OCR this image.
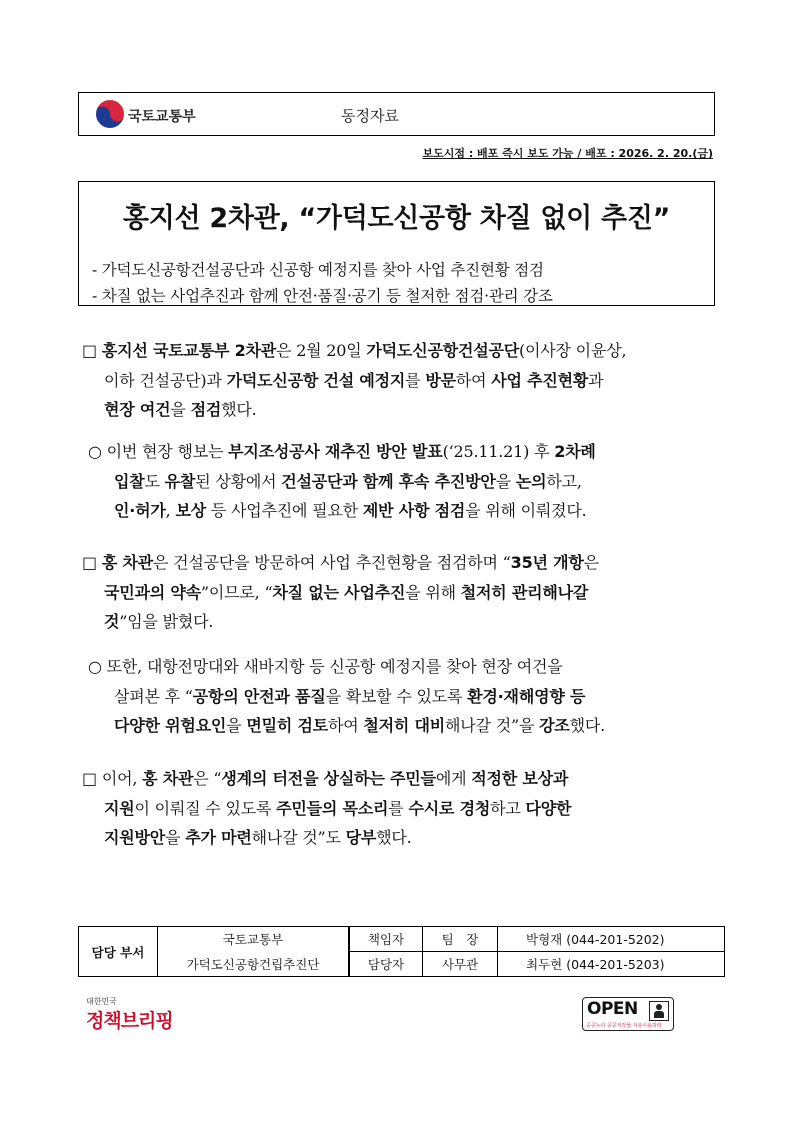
국토교통부	동정자료
보도시점 : 배포 즉시 보도 가능 / 배포 : 2026. 2. 20.(금)
홍지선 2차관, “가덕도신공항 차질 없이 추진”
- 가덕도신공항건설공단과 신공항 예정지를 찾아 사업 추진현황 점검
- 차질 없는 사업추진과 함께 안전·품질·공기 등 철저한 점검·관리 강조
□ 홍지선 국토교통부 2차관은 2월 20일 가덕도신공항건설공단(이사장 이윤상,
이하 건설공단)과 가덕도신공항 건설 예정지를 방문하여 사업 추진현황과
현장 여건을 점검했다.
○ 이번 현장 행보는 부지조성공사 재추진 방안 발표(‘25.11.21) 후 2차례
입찰도 유찰된 상황에서 건설공단과 함께 후속 추진방안을 논의하고,
인·허가, 보상 등 사업추진에 필요한 제반 사항 점검을 위해 이뤄졌다.
□ 홍 차관은 건설공단을 방문하여 사업 추진현황을 점검하며 “35년 개항은
국민과의 약속”이므로, “차질 없는 사업추진을 위해 철저히 관리해나갈
것”임을 밝혔다.
○ 또한, 대항전망대와 새바지항 등 신공항 예정지를 찾아 현장 여건을
살펴본 후 “공항의 안전과 품질을 확보할 수 있도록 환경·재해영향 등
다양한 위험요인을 면밀히 검토하여 철저히 대비해나갈 것”을 강조했다.
□ 이어, 홍 차관은 “생계의 터전을 상실하는 주민들에게 적정한 보상과
지원이 이뤄질 수 있도록 주민들의 목소리를 수시로 경청하고 다양한
지원방안을 추가 마련해나갈 것”도 당부했다.
담당 부서	국토교통부	책임자	팀　장	박형재 (044-201-5202)
	가덕도신공항건립추진단	담당자	사무관	최두현 (044-201-5203)
대한민국
정책브리핑
OPEN
공공누리 공공저작물 자유이용허락
